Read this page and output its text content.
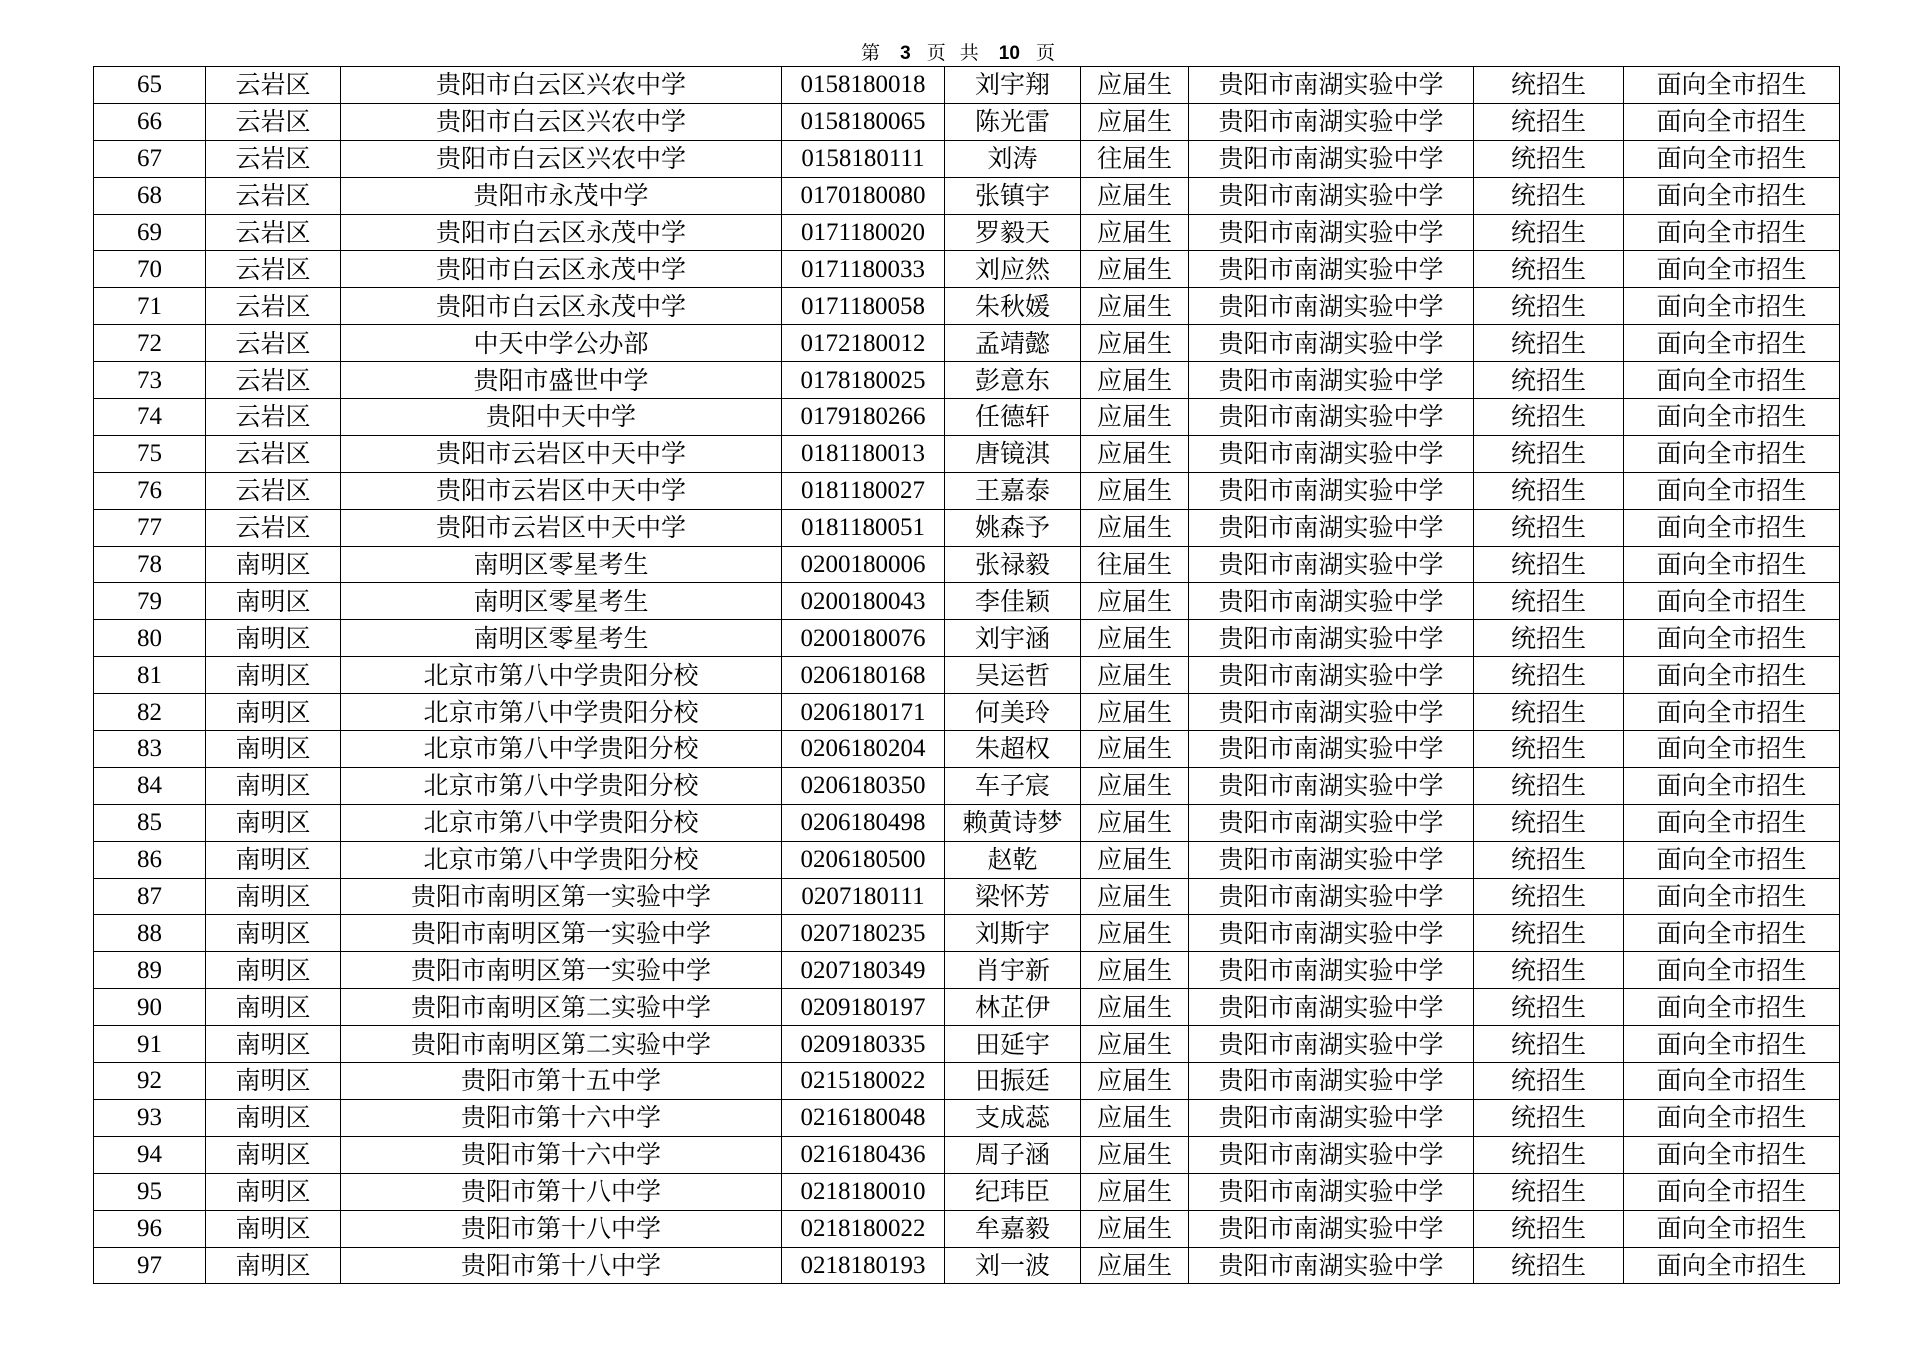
第 3 页 共 10 页
65	云岩区	贵阳市白云区兴农中学	0158180018	刘宇翔	应届生	贵阳市南湖实验中学	统招生	面向全市招生
66	云岩区	贵阳市白云区兴农中学	0158180065	陈光雷	应届生	贵阳市南湖实验中学	统招生	面向全市招生
67	云岩区	贵阳市白云区兴农中学	0158180111	刘涛	往届生	贵阳市南湖实验中学	统招生	面向全市招生
68	云岩区	贵阳市永茂中学	0170180080	张镇宇	应届生	贵阳市南湖实验中学	统招生	面向全市招生
69	云岩区	贵阳市白云区永茂中学	0171180020	罗毅天	应届生	贵阳市南湖实验中学	统招生	面向全市招生
70	云岩区	贵阳市白云区永茂中学	0171180033	刘应然	应届生	贵阳市南湖实验中学	统招生	面向全市招生
71	云岩区	贵阳市白云区永茂中学	0171180058	朱秋媛	应届生	贵阳市南湖实验中学	统招生	面向全市招生
72	云岩区	中天中学公办部	0172180012	孟靖懿	应届生	贵阳市南湖实验中学	统招生	面向全市招生
73	云岩区	贵阳市盛世中学	0178180025	彭意东	应届生	贵阳市南湖实验中学	统招生	面向全市招生
74	云岩区	贵阳中天中学	0179180266	任德轩	应届生	贵阳市南湖实验中学	统招生	面向全市招生
75	云岩区	贵阳市云岩区中天中学	0181180013	唐镜淇	应届生	贵阳市南湖实验中学	统招生	面向全市招生
76	云岩区	贵阳市云岩区中天中学	0181180027	王嘉泰	应届生	贵阳市南湖实验中学	统招生	面向全市招生
77	云岩区	贵阳市云岩区中天中学	0181180051	姚森予	应届生	贵阳市南湖实验中学	统招生	面向全市招生
78	南明区	南明区零星考生	0200180006	张禄毅	往届生	贵阳市南湖实验中学	统招生	面向全市招生
79	南明区	南明区零星考生	0200180043	李佳颖	应届生	贵阳市南湖实验中学	统招生	面向全市招生
80	南明区	南明区零星考生	0200180076	刘宇涵	应届生	贵阳市南湖实验中学	统招生	面向全市招生
81	南明区	北京市第八中学贵阳分校	0206180168	吴运哲	应届生	贵阳市南湖实验中学	统招生	面向全市招生
82	南明区	北京市第八中学贵阳分校	0206180171	何美玲	应届生	贵阳市南湖实验中学	统招生	面向全市招生
83	南明区	北京市第八中学贵阳分校	0206180204	朱超权	应届生	贵阳市南湖实验中学	统招生	面向全市招生
84	南明区	北京市第八中学贵阳分校	0206180350	车子宸	应届生	贵阳市南湖实验中学	统招生	面向全市招生
85	南明区	北京市第八中学贵阳分校	0206180498	赖黄诗梦	应届生	贵阳市南湖实验中学	统招生	面向全市招生
86	南明区	北京市第八中学贵阳分校	0206180500	赵乾	应届生	贵阳市南湖实验中学	统招生	面向全市招生
87	南明区	贵阳市南明区第一实验中学	0207180111	梁怀芳	应届生	贵阳市南湖实验中学	统招生	面向全市招生
88	南明区	贵阳市南明区第一实验中学	0207180235	刘斯宇	应届生	贵阳市南湖实验中学	统招生	面向全市招生
89	南明区	贵阳市南明区第一实验中学	0207180349	肖宇新	应届生	贵阳市南湖实验中学	统招生	面向全市招生
90	南明区	贵阳市南明区第二实验中学	0209180197	林芷伊	应届生	贵阳市南湖实验中学	统招生	面向全市招生
91	南明区	贵阳市南明区第二实验中学	0209180335	田延宇	应届生	贵阳市南湖实验中学	统招生	面向全市招生
92	南明区	贵阳市第十五中学	0215180022	田振廷	应届生	贵阳市南湖实验中学	统招生	面向全市招生
93	南明区	贵阳市第十六中学	0216180048	支成蕊	应届生	贵阳市南湖实验中学	统招生	面向全市招生
94	南明区	贵阳市第十六中学	0216180436	周子涵	应届生	贵阳市南湖实验中学	统招生	面向全市招生
95	南明区	贵阳市第十八中学	0218180010	纪玮臣	应届生	贵阳市南湖实验中学	统招生	面向全市招生
96	南明区	贵阳市第十八中学	0218180022	牟嘉毅	应届生	贵阳市南湖实验中学	统招生	面向全市招生
97	南明区	贵阳市第十八中学	0218180193	刘一波	应届生	贵阳市南湖实验中学	统招生	面向全市招生
